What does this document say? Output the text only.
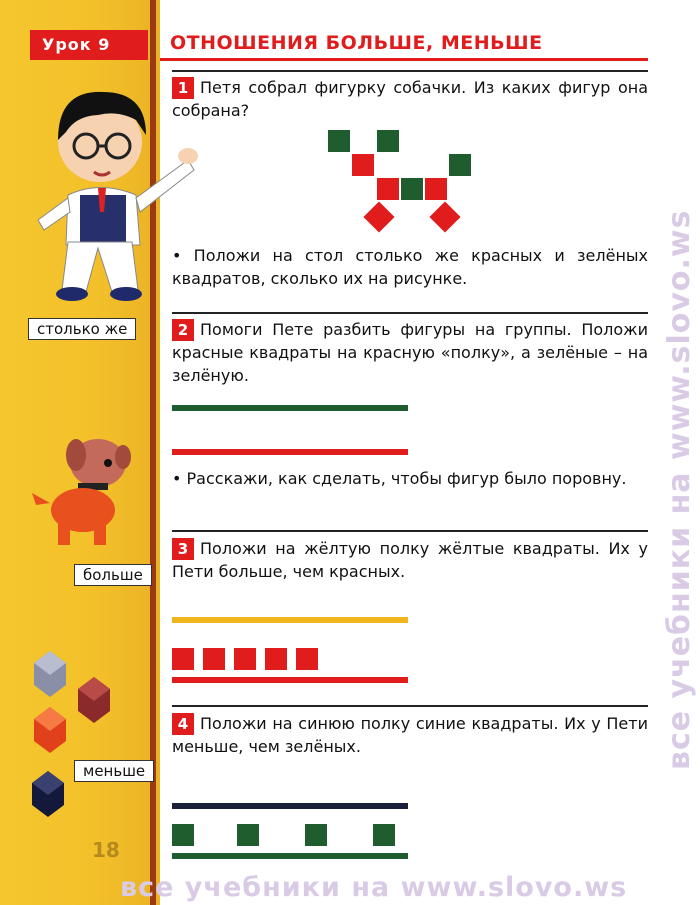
столько же
больше
меньше
18
Урок 9	ОТНОШЕНИЯ БОЛЬШЕ, МЕНЬШЕ
1 Петя собрал фигурку собачки. Из каких фигур она собрана?
• Положи на стол столько же красных и зелёных квадратов, сколько их на рисунке.
2 Помоги Пете разбить фигуры на группы. Положи красные квадраты на красную «полку», а зелёные – на зелёную.
• Расскажи, как сделать, чтобы фигур было поровну.
3 Положи на жёлтую полку жёлтые квадраты. Их у Пети больше, чем красных.
4 Положи на синюю полку синие квадраты. Их у Пети меньше, чем зелёных.	все учебники на www.slovo.ws
все учебники на www.slovo.ws
